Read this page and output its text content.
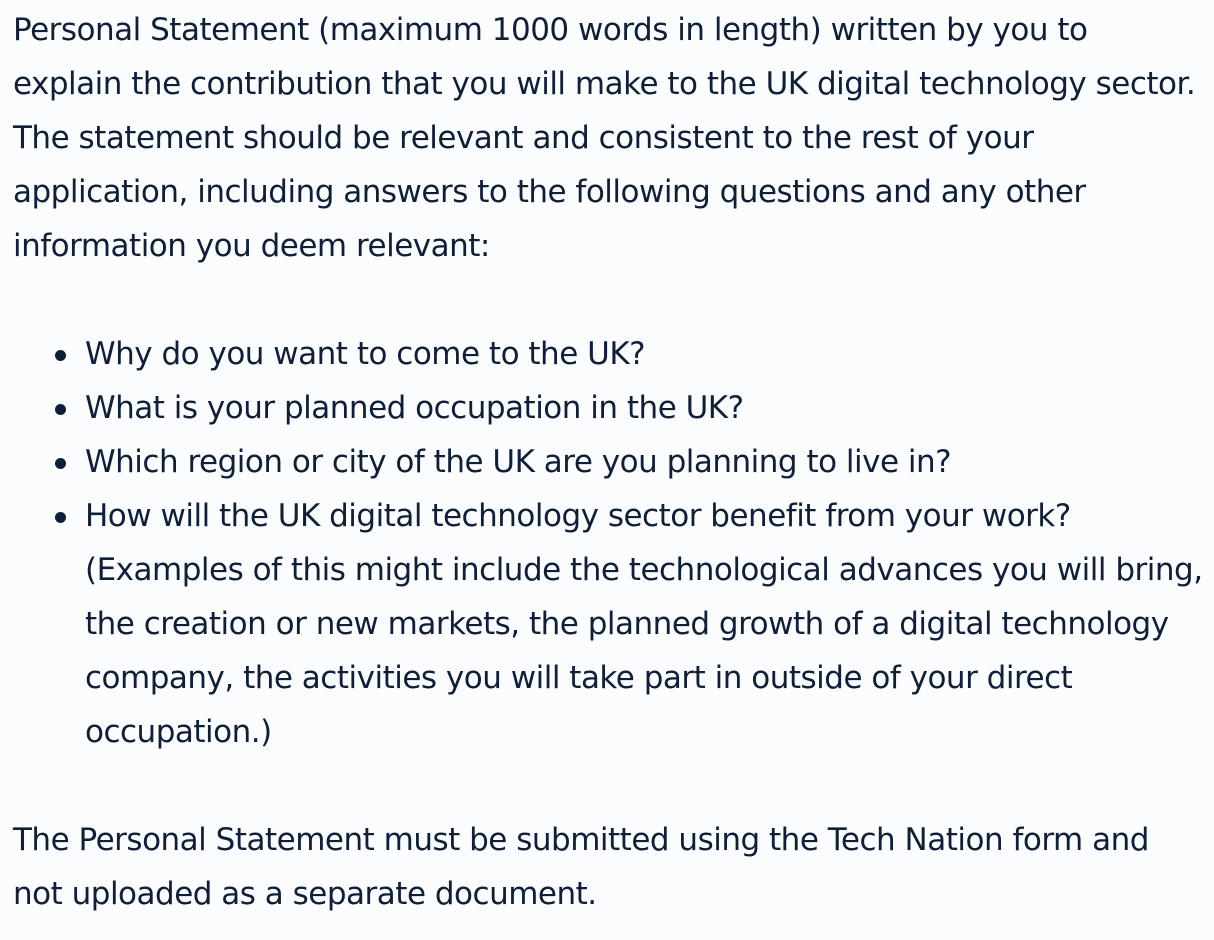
Personal Statement (maximum 1000 words in length) written by you to explain the contribution that you will make to the UK digital technology sector. The statement should be relevant and consistent to the rest of your application, including answers to the following questions and any other information you deem relevant:

Why do you want to come to the UK?
What is your planned occupation in the UK?
Which region or city of the UK are you planning to live in?
How will the UK digital technology sector benefit from your work? (Examples of this might include the technological advances you will bring, the creation or new markets, the planned growth of a digital technology company, the activities you will take part in outside of your direct occupation.)

The Personal Statement must be submitted using the Tech Nation form and not uploaded as a separate document.
